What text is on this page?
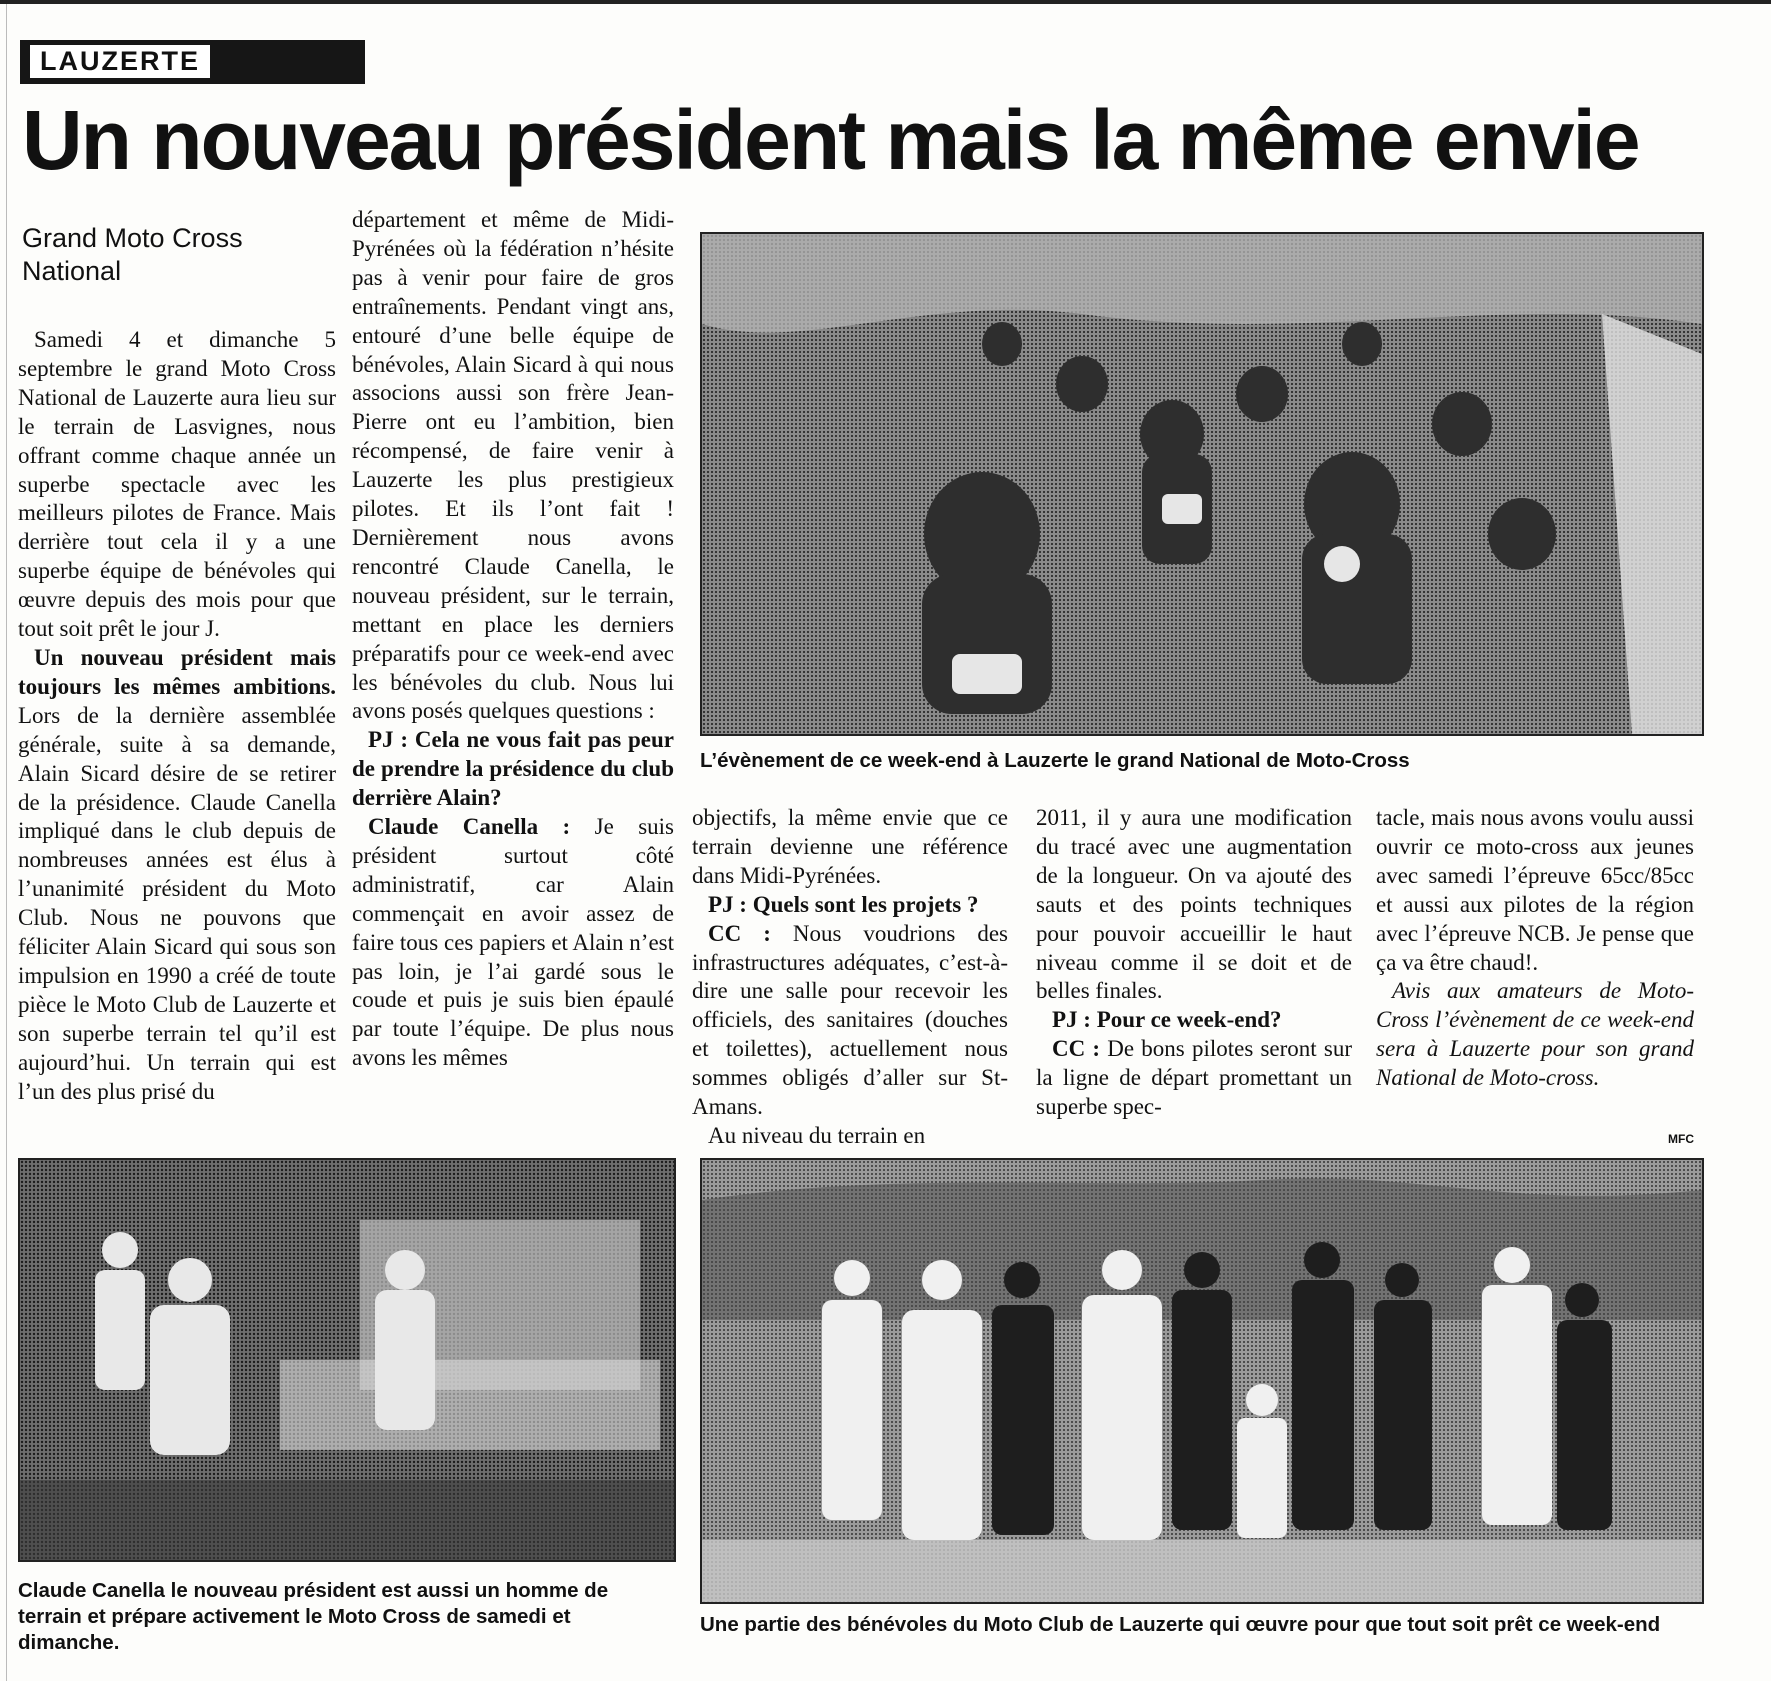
LAUZERTE
Un nouveau président mais la même envie
Grand Moto Cross National

Samedi 4 et dimanche 5 septembre le grand Moto Cross National de Lauzerte aura lieu sur le terrain de Lasvignes, nous offrant comme chaque année un superbe spectacle avec les meilleurs pilotes de France. Mais derrière tout cela il y a une superbe équipe de bénévoles qui œuvre depuis des mois pour que tout soit prêt le jour J.

Un nouveau président mais toujours les mêmes ambitions. Lors de la dernière assemblée générale, suite à sa demande, Alain Sicard désire de se retirer de la présidence. Claude Canella impliqué dans le club depuis de nombreuses années est élus à l’unanimité président du Moto Club. Nous ne pouvons que féliciter Alain Sicard qui sous son impulsion en 1990 a créé de toute pièce le Moto Club de Lauzerte et son superbe terrain tel qu’il est aujourd’hui. Un terrain qui est l’un des plus prisé du

département et même de Midi-Pyrénées où la fédération n’hésite pas à venir pour faire de gros entraînements. Pendant vingt ans, entouré d’une belle équipe de bénévoles, Alain Sicard à qui nous associons aussi son frère Jean-Pierre ont eu l’ambition, bien récompensé, de faire venir à Lauzerte les plus prestigieux pilotes. Et ils l’ont fait ! Dernièrement nous avons rencontré Claude Canella, le nouveau président, sur le terrain, mettant en place les derniers préparatifs pour ce week-end avec les bénévoles du club. Nous lui avons posés quelques questions :

PJ : Cela ne vous fait pas peur de prendre la présidence du club derrière Alain?

Claude Canella : Je suis président surtout côté administratif, car Alain commençait en avoir assez de faire tous ces papiers et Alain n’est pas loin, je l’ai gardé sous le coude et puis je suis bien épaulé par toute l’équipe. De plus nous avons les mêmes

objectifs, la même envie que ce terrain devienne une référence dans Midi-Pyrénées.

PJ : Quels sont les projets ?

CC : Nous voudrions des infrastructures adéquates, c’est-à-dire une salle pour recevoir les officiels, des sanitaires (douches et toilettes), actuellement nous sommes obligés d’aller sur St-Amans.

Au niveau du terrain en

2011, il y aura une modification du tracé avec une augmentation de la longueur. On va ajouté des sauts et des points techniques pour pouvoir accueillir le haut niveau comme il se doit et de belles finales.

PJ : Pour ce week-end?

CC : De bons pilotes seront sur la ligne de départ promettant un superbe spec-

tacle, mais nous avons voulu aussi ouvrir ce moto-cross aux jeunes avec samedi l’épreuve 65cc/85cc et aussi aux pilotes de la région avec l’épreuve NCB. Je pense que ça va être chaud!.

Avis aux amateurs de Moto-Cross l’évènement de ce week-end sera à Lauzerte pour son grand National de Moto-cross.

MFC
L’évènement de ce week-end à Lauzerte le grand National de Moto-Cross
Claude Canella le nouveau président est aussi un homme de terrain et prépare activement le Moto Cross de samedi et dimanche.
Une partie des bénévoles du Moto Club de Lauzerte qui œuvre pour que tout soit prêt ce week-end
